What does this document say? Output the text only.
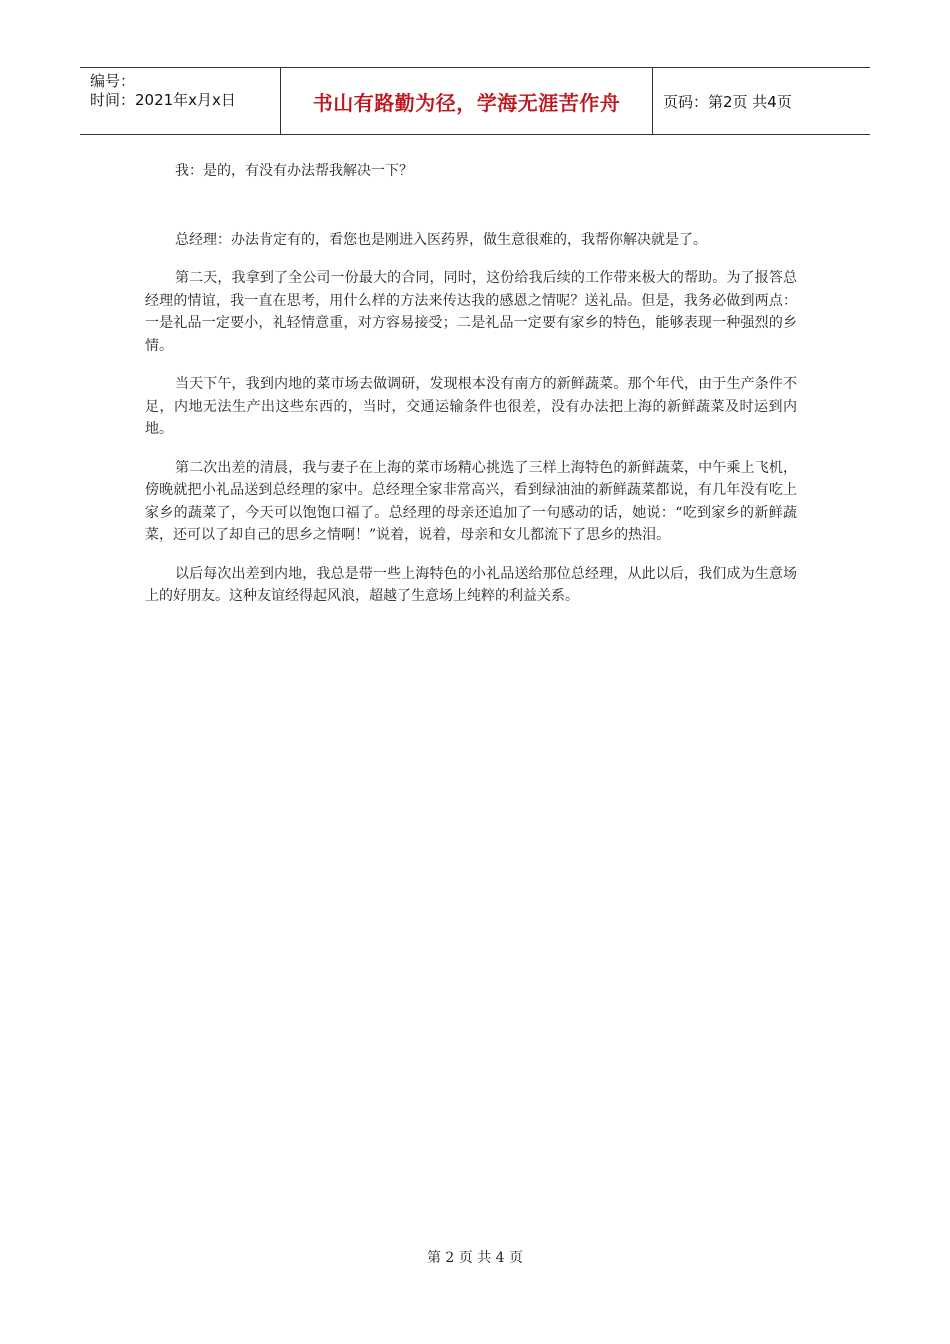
编号：
时间：2021年x月x日	书山有路勤为径，学海无涯苦作舟	页码：第2页 共4页

我：是的，有没有办法帮我解决一下？

总经理：办法肯定有的，看您也是刚进入医药界，做生意很难的，我帮你解决就是了。

第二天，我拿到了全公司一份最大的合同，同时，这份给我后续的工作带来极大的帮助。为了报答总经理的情谊，我一直在思考，用什么样的方法来传达我的感恩之情呢？送礼品。但是，我务必做到两点：一是礼品一定要小，礼轻情意重，对方容易接受；二是礼品一定要有家乡的特色，能够表现一种强烈的乡情。

当天下午，我到内地的菜市场去做调研，发现根本没有南方的新鲜蔬菜。那个年代，由于生产条件不足，内地无法生产出这些东西的，当时，交通运输条件也很差，没有办法把上海的新鲜蔬菜及时运到内地。

第二次出差的清晨，我与妻子在上海的菜市场精心挑选了三样上海特色的新鲜蔬菜，中午乘上飞机，傍晚就把小礼品送到总经理的家中。总经理全家非常高兴，看到绿油油的新鲜蔬菜都说，有几年没有吃上家乡的蔬菜了，今天可以饱饱口福了。总经理的母亲还追加了一句感动的话，她说：“吃到家乡的新鲜蔬菜，还可以了却自己的思乡之情啊！”说着，说着，母亲和女儿都流下了思乡的热泪。

以后每次出差到内地，我总是带一些上海特色的小礼品送给那位总经理，从此以后，我们成为生意场上的好朋友。这种友谊经得起风浪，超越了生意场上纯粹的利益关系。

第 2 页 共 4 页
